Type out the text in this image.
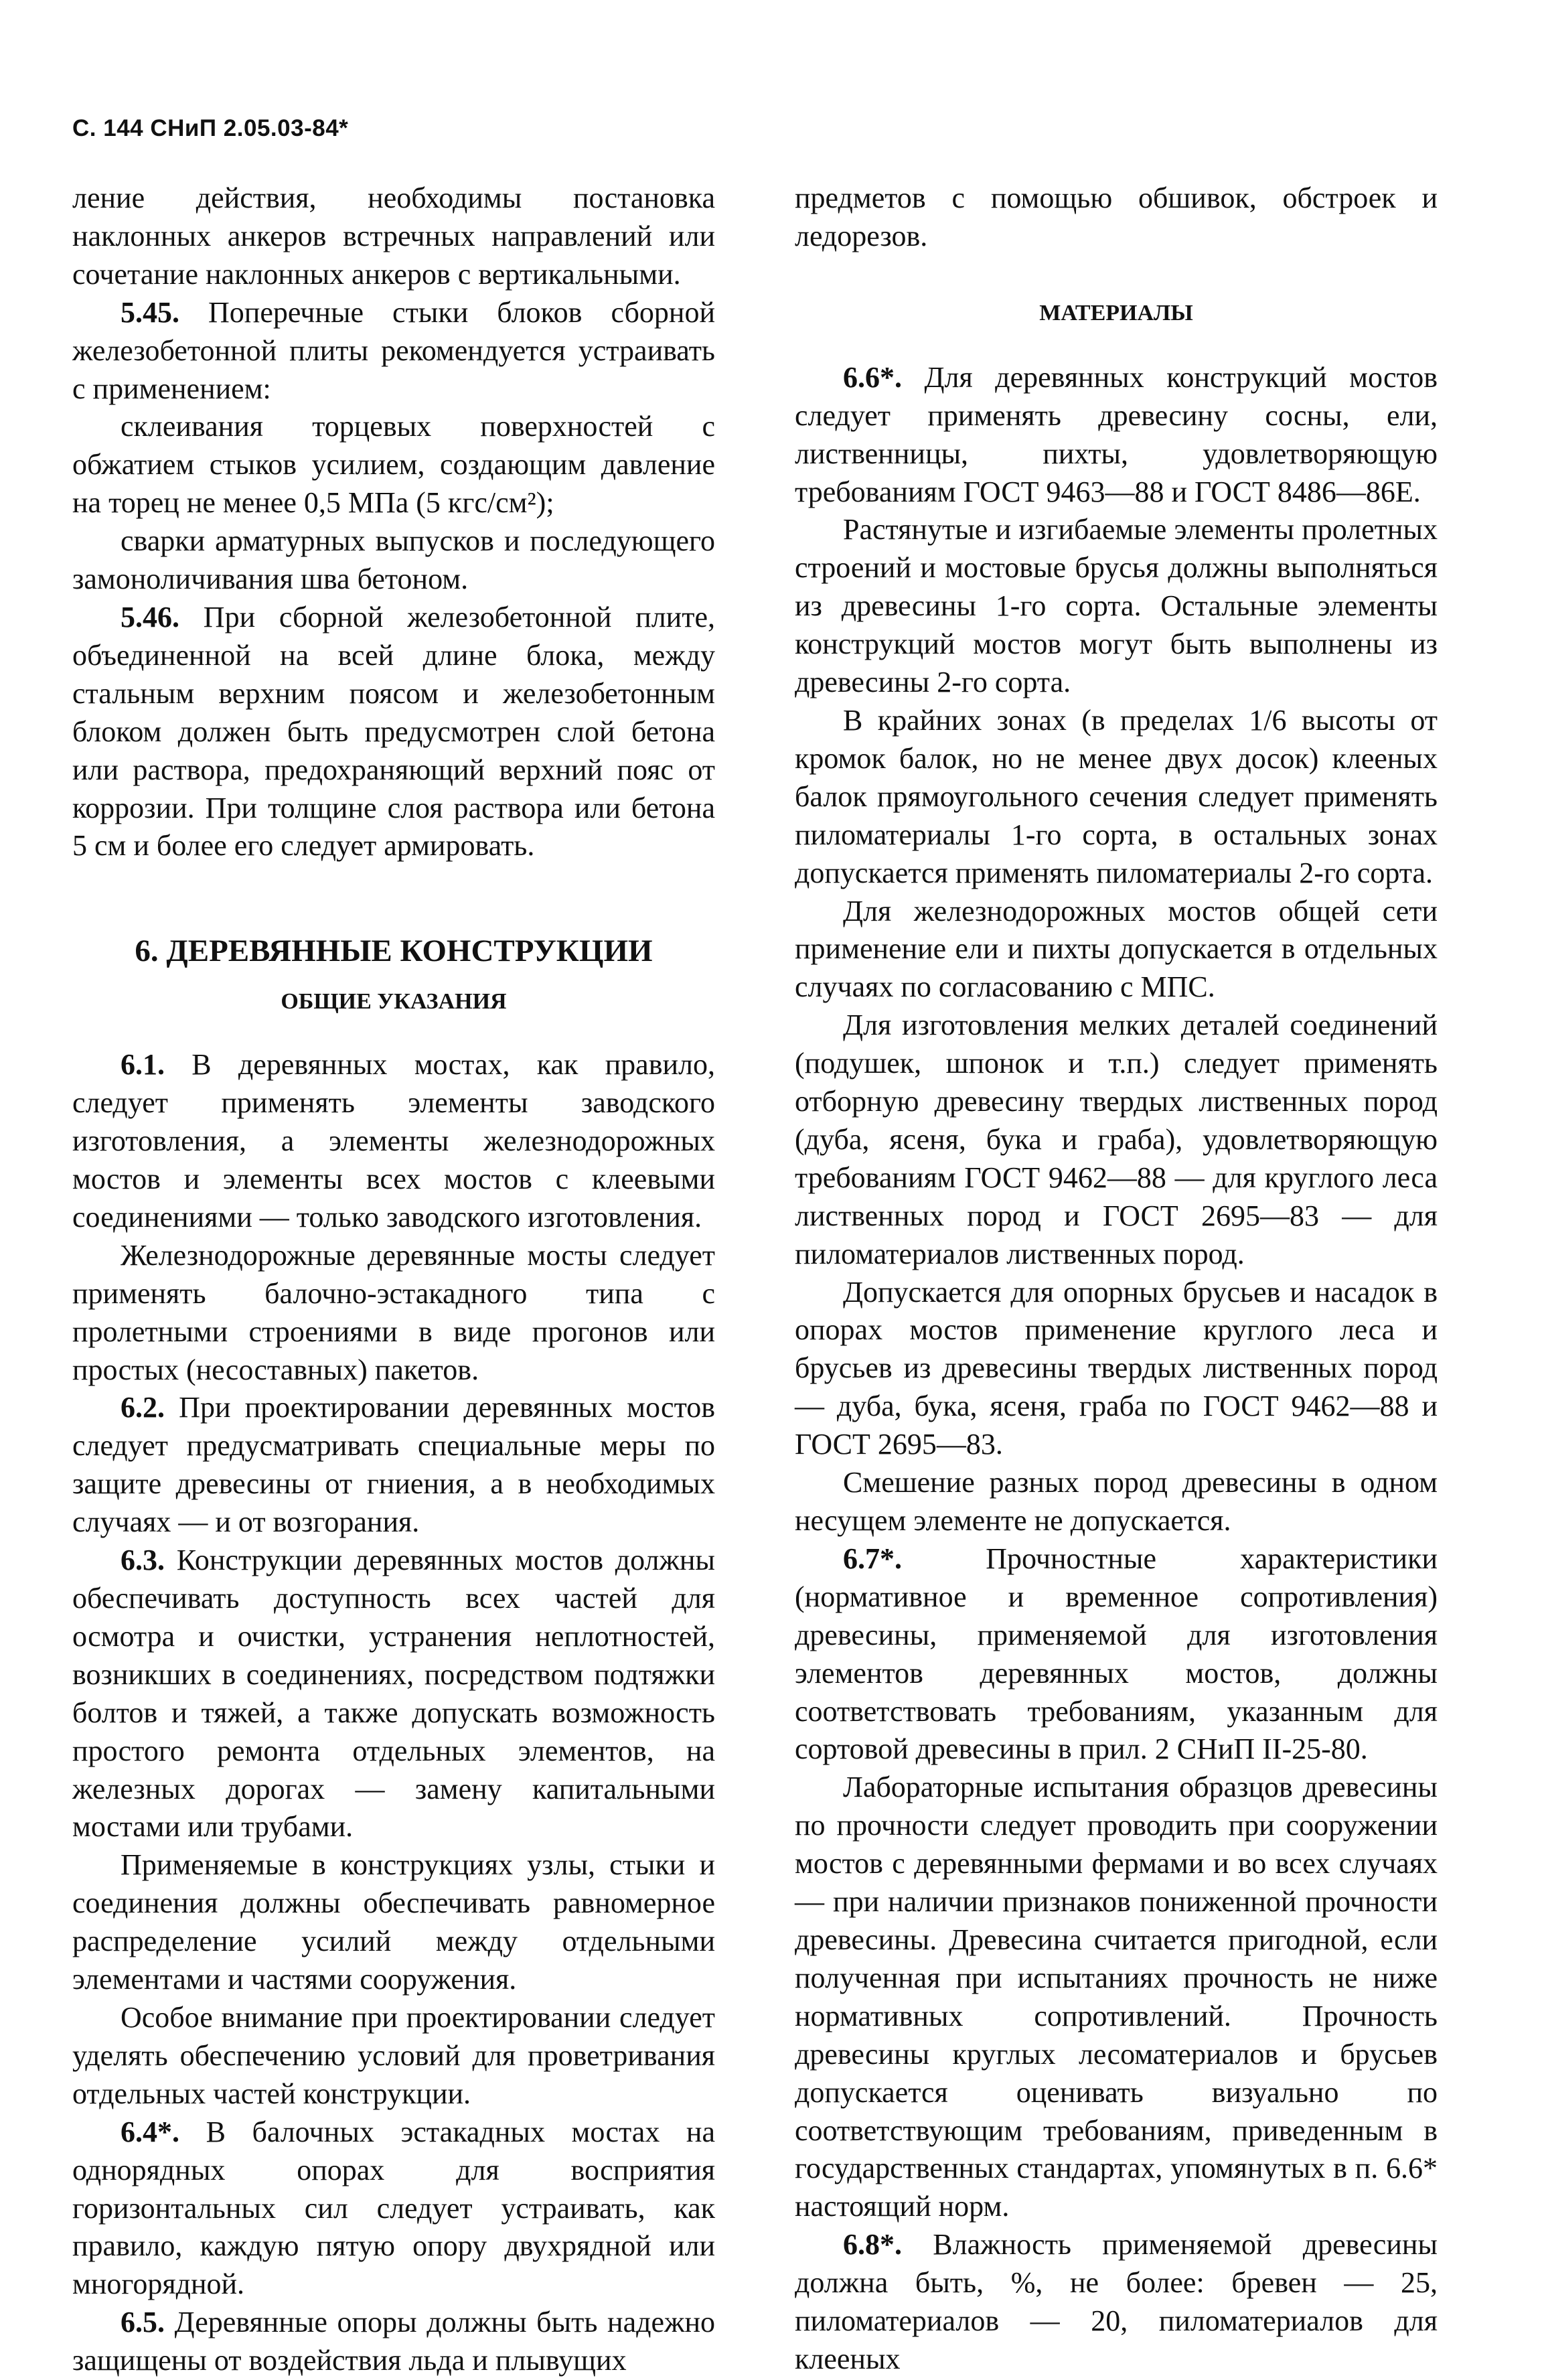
С. 144 СНиП 2.05.03-84*

ление действия, необходимы постановка наклонных анкеров встречных направлений или сочетание наклонных анкеров с вертикальными.

5.45. Поперечные стыки блоков сборной железобетонной плиты рекомендуется устраивать с применением:

склеивания торцевых поверхностей с обжатием стыков усилием, создающим давление на торец не менее 0,5 МПа (5 кгс/см²);

сварки арматурных выпусков и последующего замоноличивания шва бетоном.

5.46. При сборной железобетонной плите, объединенной на всей длине блока, между стальным верхним поясом и железобетонным блоком должен быть предусмотрен слой бетона или раствора, предохраняющий верхний пояс от коррозии. При толщине слоя раствора или бетона 5 см и более его следует армировать.

6. ДЕРЕВЯННЫЕ КОНСТРУКЦИИ
ОБЩИЕ УКАЗАНИЯ

6.1. В деревянных мостах, как правило, следует применять элементы заводского изготовления, а элементы железнодорожных мостов и элементы всех мостов с клеевыми соединениями — только заводского изготовления.

Железнодорожные деревянные мосты следует применять балочно-эстакадного типа с пролетными строениями в виде прогонов или простых (несоставных) пакетов.

6.2. При проектировании деревянных мостов следует предусматривать специальные меры по защите древесины от гниения, а в необходимых случаях — и от возгорания.

6.3. Конструкции деревянных мостов должны обеспечивать доступность всех частей для осмотра и очистки, устранения неплотностей, возникших в соединениях, посредством подтяжки болтов и тяжей, а также допускать возможность простого ремонта отдельных элементов, на железных дорогах — замену капитальными мостами или трубами.

Применяемые в конструкциях узлы, стыки и соединения должны обеспечивать равномерное распределение усилий между отдельными элементами и частями сооружения.

Особое внимание при проектировании следует уделять обеспечению условий для проветривания отдельных частей конструкции.

6.4*. В балочных эстакадных мостах на однорядных опорах для восприятия горизонтальных сил следует устраивать, как правило, каждую пятую опору двухрядной или многорядной.

6.5. Деревянные опоры должны быть надежно защищены от воздействия льда и плывущих

предметов с помощью обшивок, обстроек и ледорезов.

МАТЕРИАЛЫ

6.6*. Для деревянных конструкций мостов следует применять древесину сосны, ели, лиственницы, пихты, удовлетворяющую требованиям ГОСТ 9463—88 и ГОСТ 8486—86Е.

Растянутые и изгибаемые элементы пролетных строений и мостовые брусья должны выполняться из древесины 1-го сорта. Остальные элементы конструкций мостов могут быть выполнены из древесины 2-го сорта.

В крайних зонах (в пределах 1/6 высоты от кромок балок, но не менее двух досок) клееных балок прямоугольного сечения следует применять пиломатериалы 1-го сорта, в остальных зонах допускается применять пиломатериалы 2-го сорта.

Для железнодорожных мостов общей сети применение ели и пихты допускается в отдельных случаях по согласованию с МПС.

Для изготовления мелких деталей соединений (подушек, шпонок и т.п.) следует применять отборную древесину твердых лиственных пород (дуба, ясеня, бука и граба), удовлетворяющую требованиям ГОСТ 9462—88 — для круглого леса лиственных пород и ГОСТ 2695—83 — для пиломатериалов лиственных пород.

Допускается для опорных брусьев и насадок в опорах мостов применение круглого леса и брусьев из древесины твердых лиственных пород — дуба, бука, ясеня, граба по ГОСТ 9462—88 и ГОСТ 2695—83.

Смешение разных пород древесины в одном несущем элементе не допускается.

6.7*. Прочностные характеристики (нормативное и временное сопротивления) древесины, применяемой для изготовления элементов деревянных мостов, должны соответствовать требованиям, указанным для сортовой древесины в прил. 2 СНиП II-25-80.

Лабораторные испытания образцов древесины по прочности следует проводить при сооружении мостов с деревянными фермами и во всех случаях — при наличии признаков пониженной прочности древесины. Древесина считается пригодной, если полученная при испытаниях прочность не ниже нормативных сопротивлений. Прочность древесины круглых лесоматериалов и брусьев допускается оценивать визуально по соответствующим требованиям, приведенным в государственных стандартах, упомянутых в п. 6.6* настоящий норм.

6.8*. Влажность применяемой древесины должна быть, %, не более: бревен — 25, пиломатериалов — 20, пиломатериалов для клееных
